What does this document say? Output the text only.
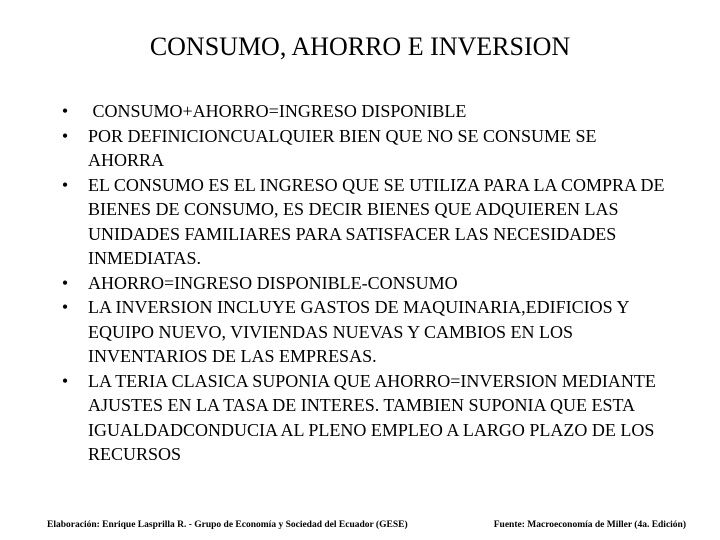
CONSUMO, AHORRO E INVERSION
• CONSUMO+AHORRO=INGRESO DISPONIBLE
• POR DEFINICIONCUALQUIER BIEN QUE NO SE CONSUME SE AHORRA
• EL CONSUMO ES EL INGRESO QUE SE UTILIZA PARA LA COMPRA DE BIENES DE CONSUMO, ES DECIR BIENES QUE ADQUIEREN LAS UNIDADES FAMILIARES PARA SATISFACER LAS NECESIDADES INMEDIATAS.
• AHORRO=INGRESO DISPONIBLE-CONSUMO
• LA INVERSION INCLUYE GASTOS DE MAQUINARIA,EDIFICIOS Y EQUIPO NUEVO, VIVIENDAS NUEVAS Y CAMBIOS EN LOS INVENTARIOS DE LAS EMPRESAS.
• LA TERIA CLASICA SUPONIA QUE AHORRO=INVERSION MEDIANTE AJUSTES EN LA TASA DE INTERES. TAMBIEN SUPONIA QUE ESTA IGUALDADCONDUCIA AL PLENO EMPLEO A LARGO PLAZO DE LOS RECURSOS
Elaboración: Enrique Lasprilla R. - Grupo de Economía y Sociedad del Ecuador (GESE)	Fuente: Macroeconomía de Miller (4a. Edición)
